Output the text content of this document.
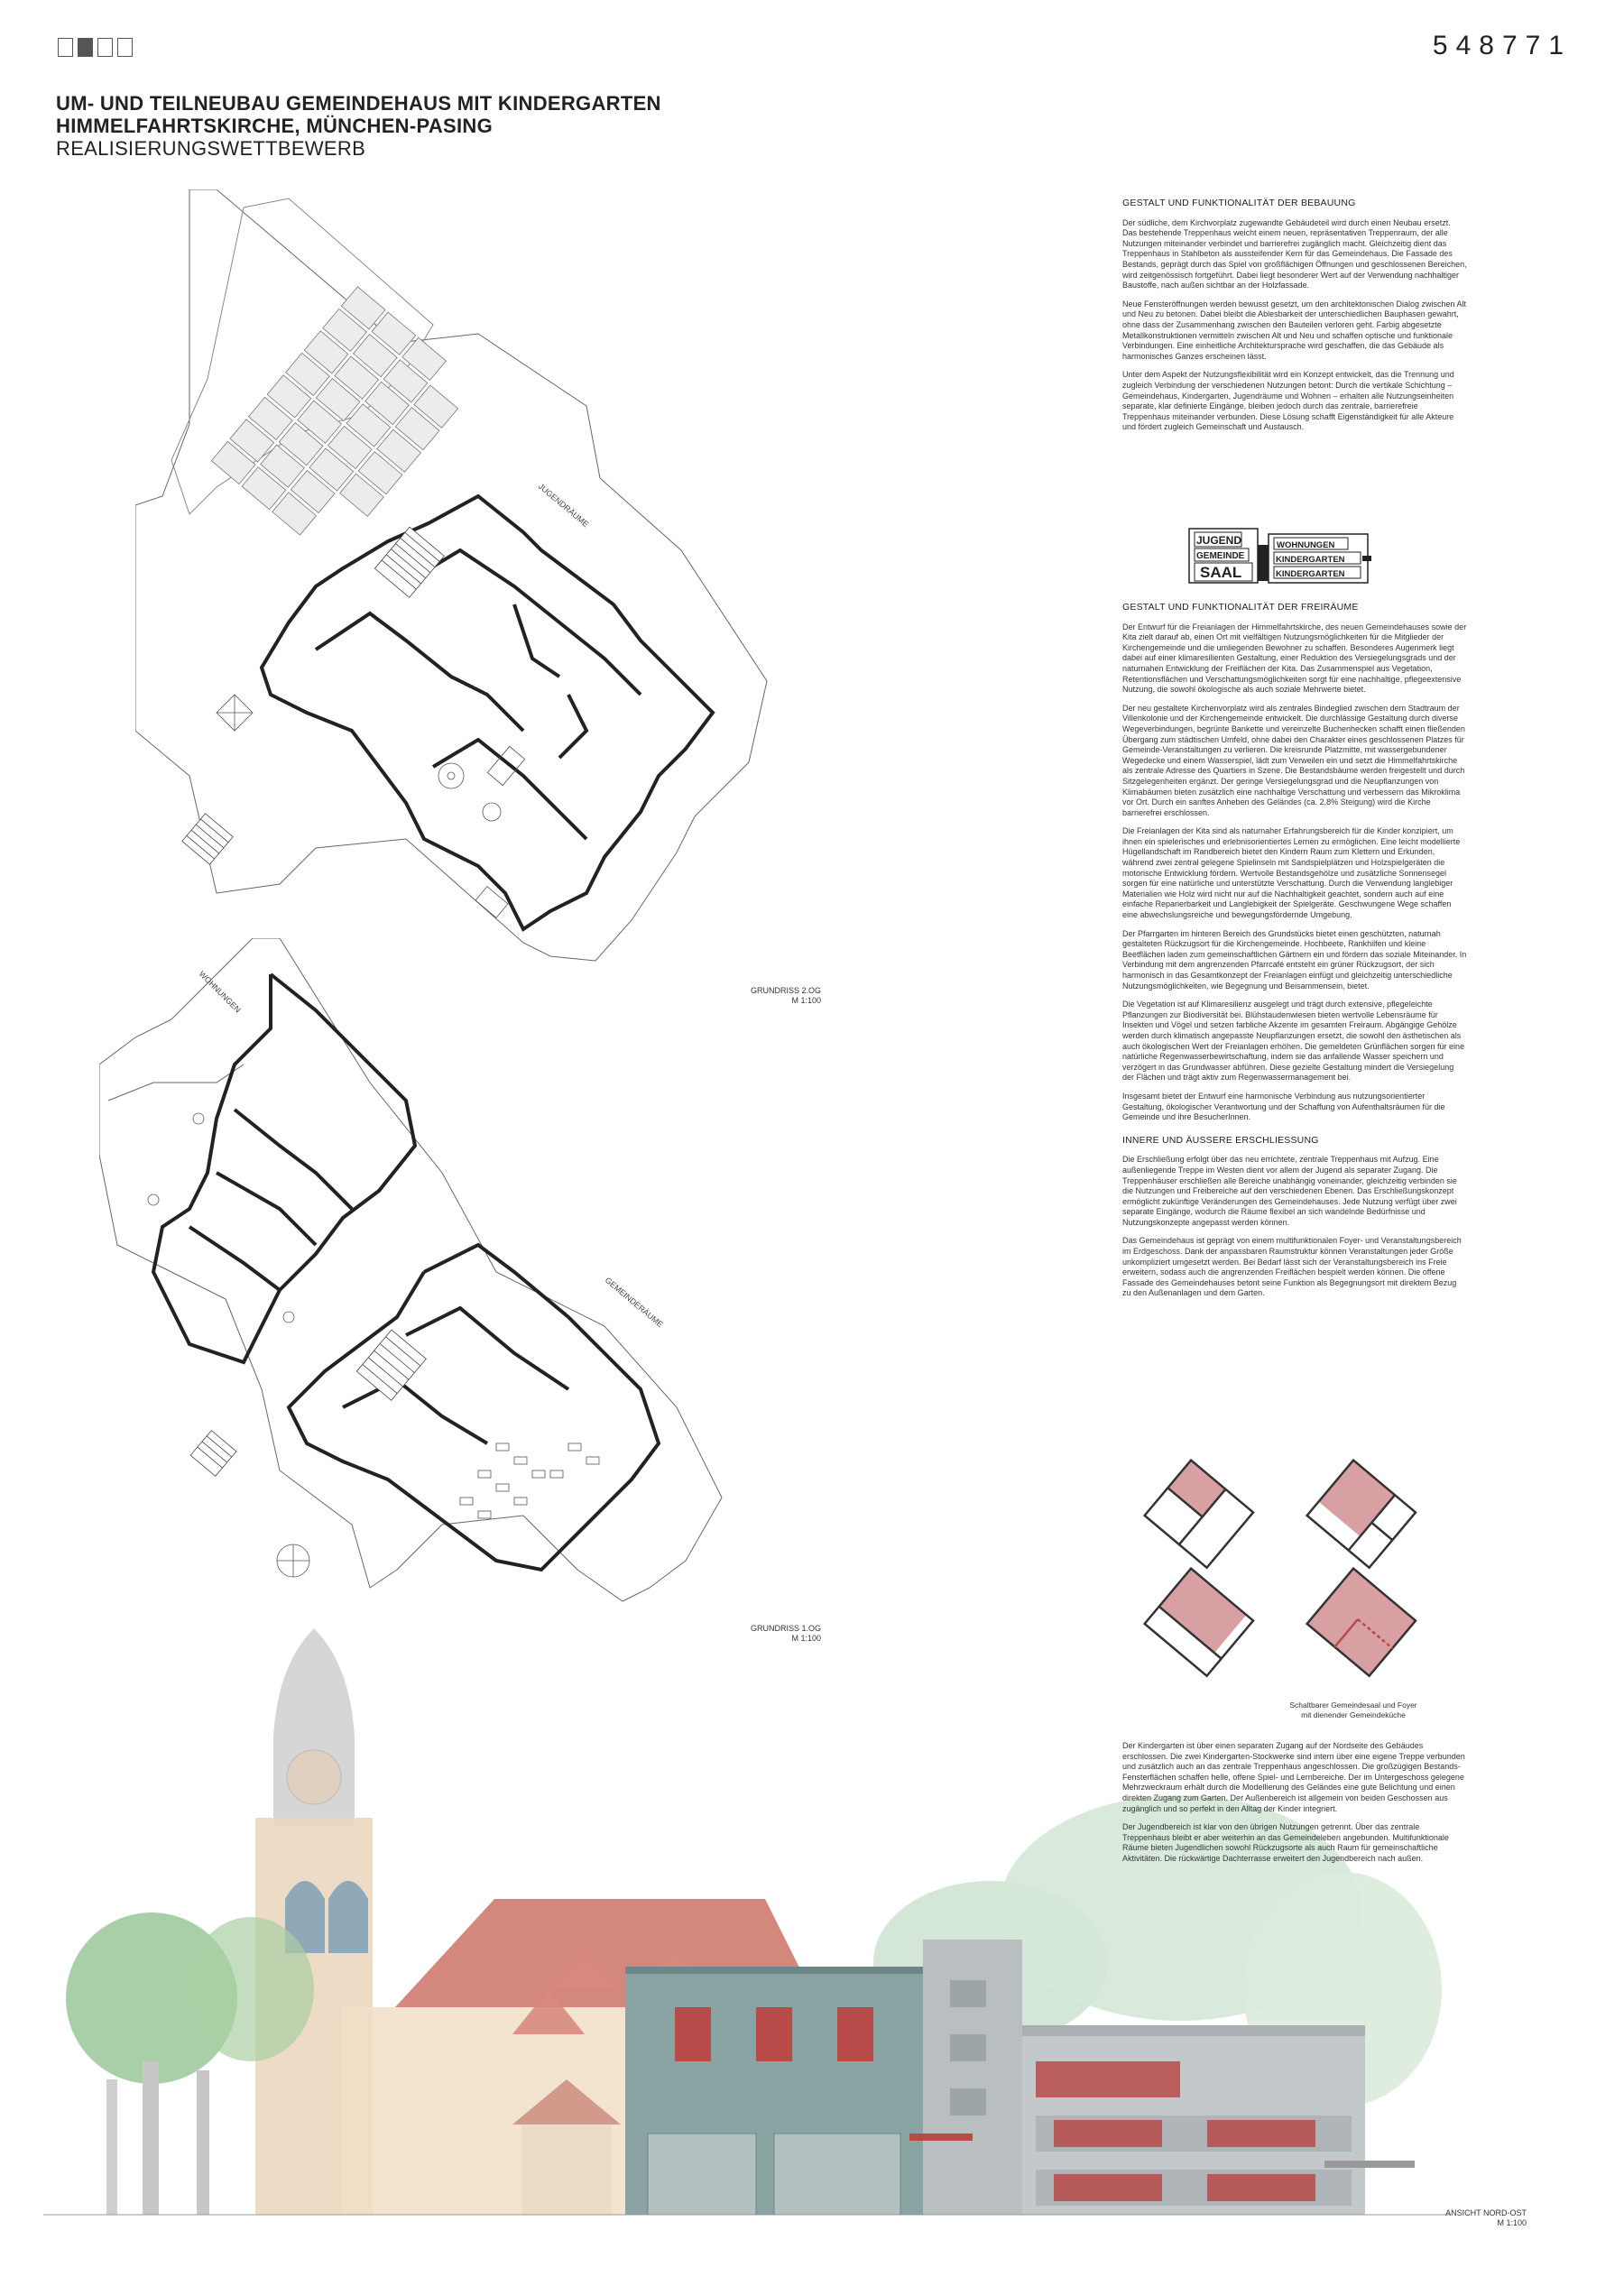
548771
UM- UND TEILNEUBAU GEMEINDEHAUS MIT KINDERGARTEN
HIMMELFAHRTSKIRCHE, MÜNCHEN-PASING
REALISIERUNGSWETTBEWERB
JUGENDRÄUME
GRUNDRISS 2.OG
M 1:100
WOHNUNGEN
GEMEINDERÄUME
GRUNDRISS 1.OG
M 1:100
ANSICHT NORD-OST
M 1:100
GESTALT UND FUNKTIONALITÄT DER BEBAUUNG

Der südliche, dem Kirchvorplatz zugewandte Gebäudeteil wird durch einen Neubau ersetzt. Das bestehende Treppenhaus weicht einem neuen, repräsentativen Treppenraum, der alle Nutzungen miteinander verbindet und barrierefrei zugänglich macht. Gleichzeitig dient das Treppenhaus in Stahlbeton als aussteifender Kern für das Gemeindehaus. Die Fassade des Bestands, geprägt durch das Spiel von großflächigen Öffnungen und geschlossenen Bereichen, wird zeitgenössisch fortgeführt. Dabei liegt besonderer Wert auf der Verwendung nachhaltiger Baustoffe, nach außen sichtbar an der Holzfassade.

Neue Fensteröffnungen werden bewusst gesetzt, um den architektonischen Dialog zwischen Alt und Neu zu betonen. Dabei bleibt die Ablesbarkeit der unterschiedlichen Bauphasen gewahrt, ohne dass der Zusammenhang zwischen den Bauteilen verloren geht. Farbig abgesetzte Metallkonstruktionen vermitteln zwischen Alt und Neu und schaffen optische und funktionale Verbindungen. Eine einheitliche Architektursprache wird geschaffen, die das Gebäude als harmonisches Ganzes erscheinen lässt.

Unter dem Aspekt der Nutzungsflexibilität wird ein Konzept entwickelt, das die Trennung und zugleich Verbindung der verschiedenen Nutzungen betont: Durch die vertikale Schichtung – Gemeindehaus, Kindergarten, Jugendräume und Wohnen – erhalten alle Nutzungseinheiten separate, klar definierte Eingänge, bleiben jedoch durch das zentrale, barrierefreie Treppenhaus miteinander verbunden. Diese Lösung schafft Eigenständigkeit für alle Akteure und fördert zugleich Gemeinschaft und Austausch.

JUGEND
GEMEINDE
SAAL
WOHNUNGEN
KINDERGARTEN
KINDERGARTEN
GESTALT UND FUNKTIONALITÄT DER FREIRÄUME

Der Entwurf für die Freianlagen der Himmelfahrtskirche, des neuen Gemeindehauses sowie der Kita zielt darauf ab, einen Ort mit vielfältigen Nutzungsmöglichkeiten für die Mitglieder der Kirchengemeinde und die umliegenden Bewohner zu schaffen. Besonderes Augenmerk liegt dabei auf einer klimaresilienten Gestaltung, einer Reduktion des Versiegelungsgrads und der naturnahen Entwicklung der Freiflächen der Kita. Das Zusammenspiel aus Vegetation, Retentionsflächen und Verschattungsmöglichkeiten sorgt für eine nachhaltige, pflegeextensive Nutzung, die sowohl ökologische als auch soziale Mehrwerte bietet.

Der neu gestaltete Kirchenvorplatz wird als zentrales Bindeglied zwischen dem Stadtraum der Villenkolonie und der Kirchengemeinde entwickelt. Die durchlässige Gestaltung durch diverse Wegeverbindungen, begrünte Bankette und vereinzelte Buchenhecken schafft einen fließenden Übergang zum städtischen Umfeld, ohne dabei den Charakter eines geschlossenen Platzes für Gemeinde-Veranstaltungen zu verlieren. Die kreisrunde Platzmitte, mit wassergebundener Wegedecke und einem Wasserspiel, lädt zum Verweilen ein und setzt die Himmelfahrtskirche als zentrale Adresse des Quartiers in Szene. Die Bestandsbäume werden freigestellt und durch Sitzgelegenheiten ergänzt. Der geringe Versiegelungsgrad und die Neupflanzungen von Klimabäumen bieten zusätzlich eine nachhaltige Verschattung und verbessern das Mikroklima vor Ort. Durch ein sanftes Anheben des Geländes (ca. 2,8% Steigung) wird die Kirche barrierefrei erschlossen.

Die Freianlagen der Kita sind als naturnaher Erfahrungsbereich für die Kinder konzipiert, um ihnen ein spielerisches und erlebnisorientiertes Lernen zu ermöglichen. Eine leicht modellierte Hügellandschaft im Randbereich bietet den Kindern Raum zum Klettern und Erkunden, während zwei zentral gelegene Spielinseln mit Sandspielplätzen und Holzspielgeräten die motorische Entwicklung fördern. Wertvolle Bestandsgehölze und zusätzliche Sonnensegel sorgen für eine natürliche und unterstützte Verschattung. Durch die Verwendung langlebiger Materialien wie Holz wird nicht nur auf die Nachhaltigkeit geachtet, sondern auch auf eine einfache Reparierbarkeit und Langlebigkeit der Spielgeräte. Geschwungene Wege schaffen eine abwechslungsreiche und bewegungsfördernde Umgebung.

Der Pfarrgarten im hinteren Bereich des Grundstücks bietet einen geschützten, naturnah gestalteten Rückzugsort für die Kirchengemeinde. Hochbeete, Rankhilfen und kleine Beetflächen laden zum gemeinschaftlichen Gärtnern ein und fördern das soziale Miteinander. In Verbindung mit dem angrenzenden Pfarrcafé entsteht ein grüner Rückzugsort, der sich harmonisch in das Gesamtkonzept der Freianlagen einfügt und gleichzeitig unterschiedliche Nutzungsmöglichkeiten, wie Begegnung und Beisammensein, bietet.

Die Vegetation ist auf Klimaresilienz ausgelegt und trägt durch extensive, pflegeleichte Pflanzungen zur Biodiversität bei. Blühstaudenwiesen bieten wertvolle Lebensräume für Insekten und Vögel und setzen farbliche Akzente im gesamten Freiraum. Abgängige Gehölze werden durch klimatisch angepasste Neupflanzungen ersetzt, die sowohl den ästhetischen als auch ökologischen Wert der Freianlagen erhöhen. Die gemeldeten Grünflächen sorgen für eine natürliche Regenwasserbewirtschaftung, indem sie das anfallende Wasser speichern und verzögert in das Grundwasser abführen. Diese gezielte Gestaltung mindert die Versiegelung der Flächen und trägt aktiv zum Regenwassermanagement bei.

Insgesamt bietet der Entwurf eine harmonische Verbindung aus nutzungsorientierter Gestaltung, ökologischer Verantwortung und der Schaffung von Aufenthaltsräumen für die Gemeinde und ihre BesucherInnen.

INNERE UND ÄUSSERE ERSCHLIESSUNG

Die Erschließung erfolgt über das neu errichtete, zentrale Treppenhaus mit Aufzug. Eine außenliegende Treppe im Westen dient vor allem der Jugend als separater Zugang. Die Treppenhäuser erschließen alle Bereiche unabhängig voneinander, gleichzeitig verbinden sie die Nutzungen und Freibereiche auf den verschiedenen Ebenen. Das Erschließungskonzept ermöglicht zukünftige Veränderungen des Gemeindehauses. Jede Nutzung verfügt über zwei separate Eingänge, wodurch die Räume flexibel an sich wandelnde Bedürfnisse und Nutzungskonzepte angepasst werden können.

Das Gemeindehaus ist geprägt von einem multifunktionalen Foyer- und Veranstaltungsbereich im Erdgeschoss. Dank der anpassbaren Raumstruktur können Veranstaltungen jeder Größe unkompliziert umgesetzt werden. Bei Bedarf lässt sich der Veranstaltungsbereich ins Freie erweitern, sodass auch die angrenzenden Freiflächen bespielt werden können. Die offene Fassade des Gemeindehauses betont seine Funktion als Begegnungsort mit direktem Bezug zu den Außenanlagen und dem Garten.

Schaltbarer Gemeindesaal und Foyer
mit dienender Gemeindeküche

Der Kindergarten ist über einen separaten Zugang auf der Nordseite des Gebäudes erschlossen. Die zwei Kindergarten-Stockwerke sind intern über eine eigene Treppe verbunden und zusätzlich auch an das zentrale Treppenhaus angeschlossen. Die großzügigen Bestands-Fensterflächen schaffen helle, offene Spiel- und Lernbereiche. Der im Untergeschoss gelegene Mehrzweckraum erhält durch die Modellierung des Geländes eine gute Belichtung und einen direkten Zugang zum Garten. Der Außenbereich ist allgemein von beiden Geschossen aus zugänglich und so perfekt in den Alltag der Kinder integriert.

Der Jugendbereich ist klar von den übrigen Nutzungen getrennt. Über das zentrale Treppenhaus bleibt er aber weiterhin an das Gemeindeleben angebunden. Multifunktionale Räume bieten Jugendlichen sowohl Rückzugsorte als auch Raum für gemeinschaftliche Aktivitäten. Die rückwärtige Dachterrasse erweitert den Jugendbereich nach außen.
